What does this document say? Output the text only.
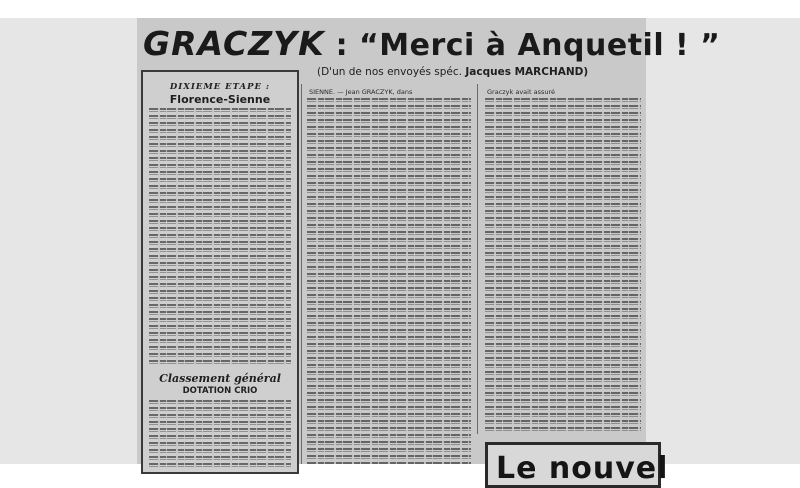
GRACZYK : “Merci à Anquetil ! ”
(D'un de nos envoyés spéc. Jacques MARCHAND)
DIXIEME ETAPE :
Florence-Sienne
Classement général
DOTATION CRIO
SIENNE. — Jean GRACZYK, dans	Graczyk avait assuré
Le nouvel
